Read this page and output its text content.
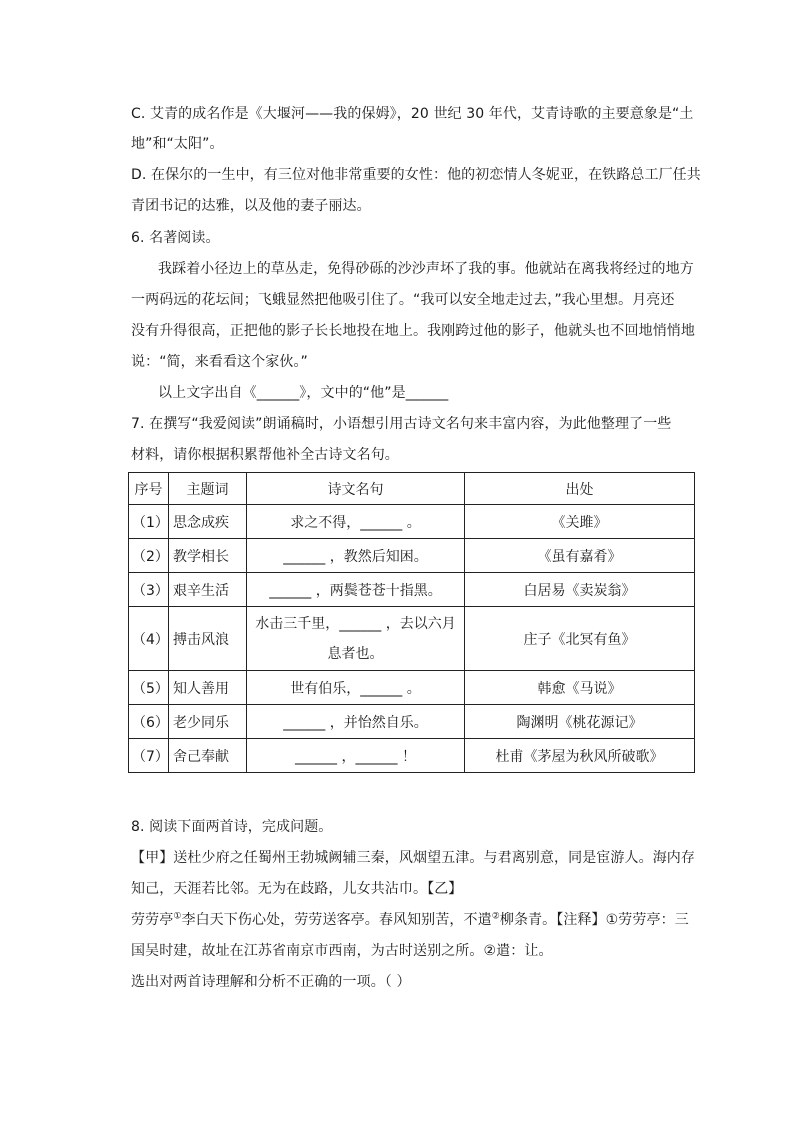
C. 艾青的成名作是《大堰河——我的保姆》，20 世纪 30 年代，艾青诗歌的主要意象是“土
地”和“太阳”。
D. 在保尔的一生中，有三位对他非常重要的女性：他的初恋情人冬妮亚，在铁路总工厂任共
青团书记的达雅，以及他的妻子丽达。
6. 名著阅读。
我踩着小径边上的草丛走，免得砂砾的沙沙声坏了我的事。他就站在离我将经过的地方
一两码远的花坛间；飞蛾显然把他吸引住了。“我可以安全地走过去，”我心里想。月亮还
没有升得很高，正把他的影子长长地投在地上。我刚跨过他的影子，他就头也不回地悄悄地
说：“简，来看看这个家伙。”
以上文字出自《______》，文中的“他”是______
7. 在撰写“我爱阅读”朗诵稿时，小语想引用古诗文名句来丰富内容，为此他整理了一些
材料，请你根据积累帮他补全古诗文名句。
序号	主题词	诗文名句	出处
（1）	思念成疾	求之不得，______ 。	《关雎》
（2）	教学相长	______ ，教然后知困。	《虽有嘉肴》
（3）	艰辛生活	______ ，两鬓苍苍十指黑。	白居易《卖炭翁》
（4）	搏击风浪	水击三千里，______ ，去以六月息者也。	庄子《北冥有鱼》
（5）	知人善用	世有伯乐，______ 。	韩愈《马说》
（6）	老少同乐	______ ，并怡然自乐。	陶渊明《桃花源记》
（7）	舍己奉献	______ ，______ ！	杜甫《茅屋为秋风所破歌》
8. 阅读下面两首诗，完成问题。
【甲】送杜少府之任蜀州王勃城阙辅三秦，风烟望五津。与君离别意，同是宦游人。海内存
知己，天涯若比邻。无为在歧路，儿女共沾巾。【乙】
劳劳亭①李白天下伤心处，劳劳送客亭。春风知别苦，不遣②柳条青。【注释】①劳劳亭：三
国吴时建，故址在江苏省南京市西南，为古时送别之所。②遣：让。
选出对两首诗理解和分析不正确的一项。（ ）
